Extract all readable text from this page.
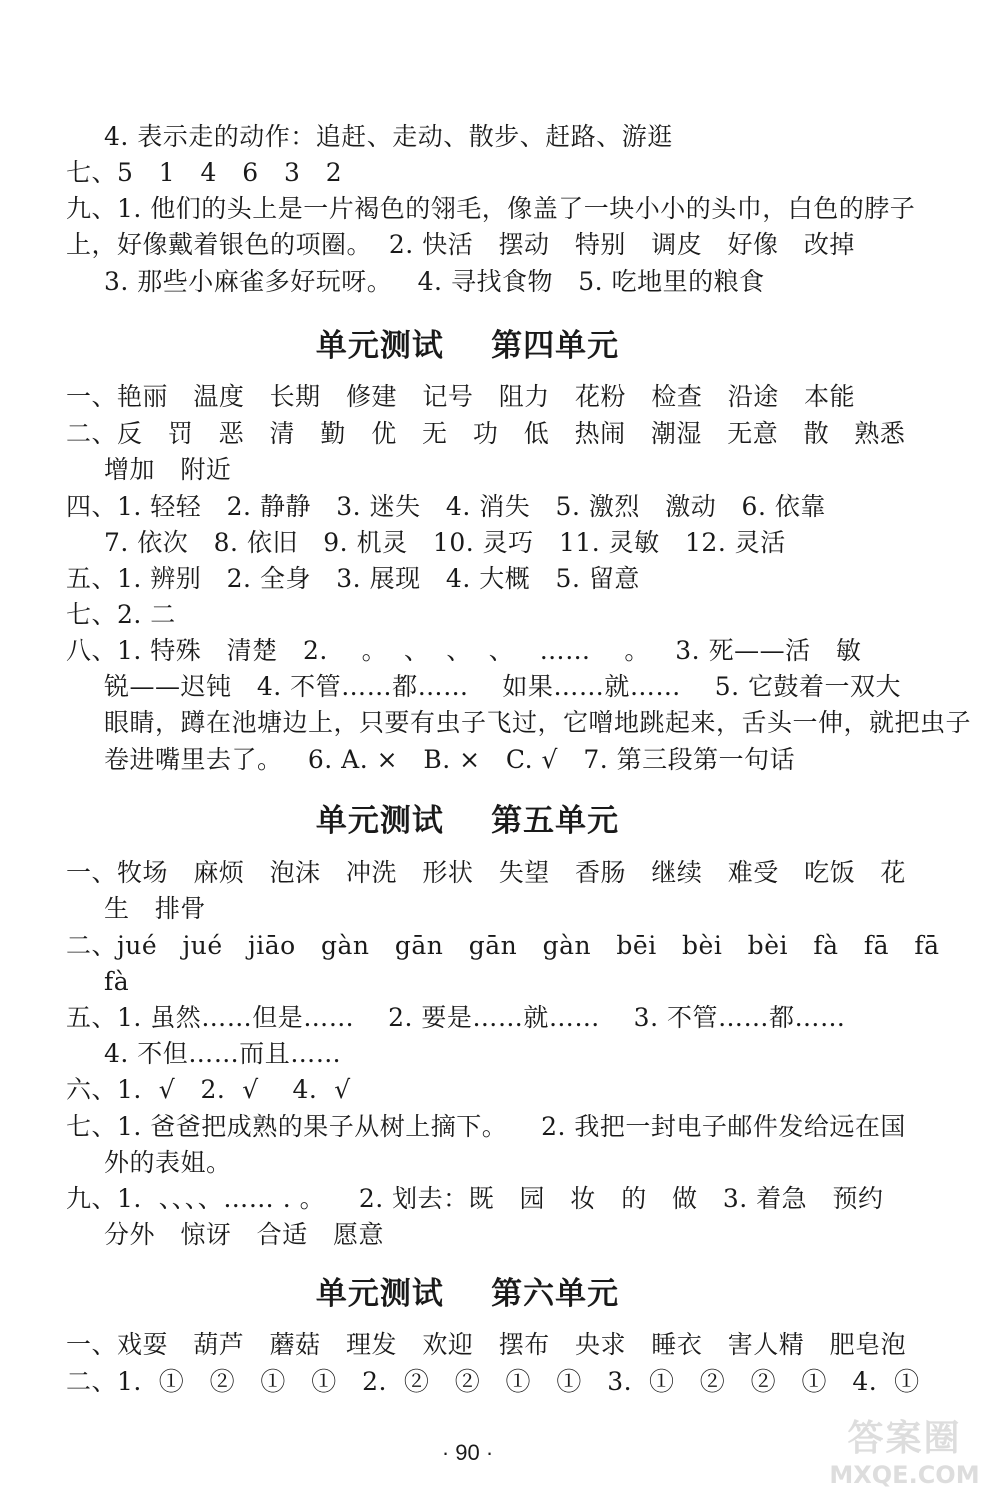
4. 表示走的动作：追赶、走动、散步、赶路、游逛
七、5   1   4   6   3   2
九、1. 他们的头上是一片褐色的翎毛，像盖了一块小小的头巾，白色的脖子
上，好像戴着银色的项圈。  2. 快活   摆动   特别   调皮   好像   改掉
3. 那些小麻雀多好玩呀。   4. 寻找食物   5. 吃地里的粮食
单元测试    第四单元
一、艳丽   温度   长期   修建   记号   阻力   花粉   检查   沿途   本能
二、反   罚   恶   清   勤   优   无   功   低   热闹   潮湿   无意   散   熟悉
增加   附近
四、1. 轻轻   2. 静静   3. 迷失   4. 消失   5. 激烈   激动   6. 依靠
7. 依次   8. 依旧   9. 机灵   10. 灵巧   11. 灵敏   12. 灵活
五、1. 辨别   2. 全身   3. 展现   4. 大概   5. 留意
七、2. 二
八、1. 特殊   清楚   2.    。  、  、  、   ……    。   3. 死——活   敏
锐——迟钝   4. 不管……都……    如果……就……    5. 它鼓着一双大
眼睛，蹲在池塘边上，只要有虫子飞过，它噌地跳起来，舌头一伸，就把虫子
卷进嘴里去了。   6. A. ×   B. ×   C. √   7. 第三段第一句话
单元测试    第五单元
一、牧场   麻烦   泡沫   冲洗   形状   失望   香肠   继续   难受   吃饭   花
生   排骨
二、jué   jué   jiāo   gàn   gān   gān   gàn   bēi   bèi   bèi   fà   fā   fā
fà
五、1. 虽然……但是……    2. 要是……就……    3. 不管……都……
4. 不但……而且……
六、1.  √   2.  √    4.  √
七、1. 爸爸把成熟的果子从树上摘下。    2. 我把一封电子邮件发给远在国
外的表姐。
九、1.  、、、、…… . 。    2. 划去：既   园   妆   的   做   3. 着急   预约
分外   惊讶   合适   愿意
单元测试    第六单元
一、戏耍   葫芦   蘑菇   理发   欢迎   摆布   央求   睡衣   害人精   肥皂泡
二、1.  ①   ②   ①   ①   2.  ②   ②   ①   ①   3.  ①   ②   ②   ①   4.  ①
· 90 ·	答案圈
MXQE.COM
